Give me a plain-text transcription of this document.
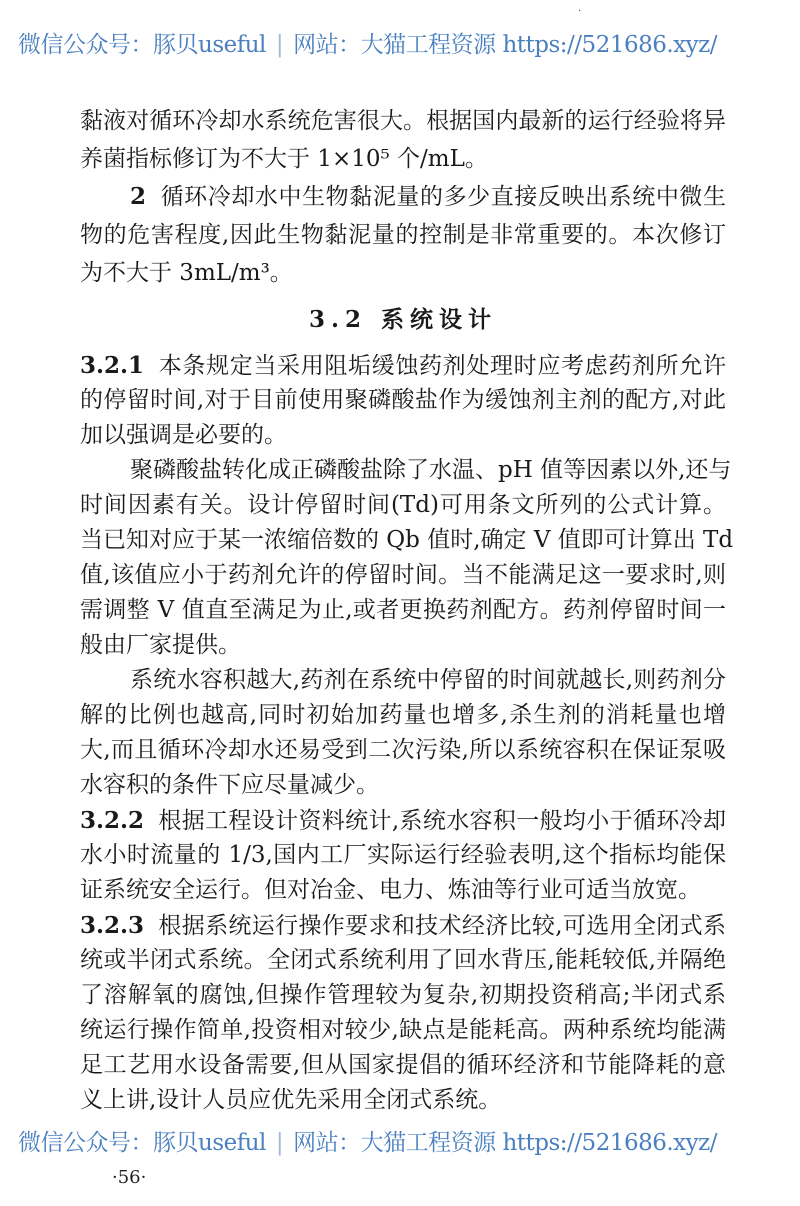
·
微信公众号：豚贝useful | 网站：大猫工程资源 https://521686.xyz/
黏液对循环冷却水系统危害很大。根据国内最新的运行经验将异
养菌指标修订为不大于 1×10⁵ 个/mL。
2 循环冷却水中生物黏泥量的多少直接反映出系统中微生
物的危害程度,因此生物黏泥量的控制是非常重要的。本次修订
为不大于 3mL/m³。
3.2 系统设计
3.2.1 本条规定当采用阻垢缓蚀药剂处理时应考虑药剂所允许
的停留时间,对于目前使用聚磷酸盐作为缓蚀剂主剂的配方,对此
加以强调是必要的。
聚磷酸盐转化成正磷酸盐除了水温、pH 值等因素以外,还与
时间因素有关。设计停留时间(Td)可用条文所列的公式计算。
当已知对应于某一浓缩倍数的 Qb 值时,确定 V 值即可计算出 Td
值,该值应小于药剂允许的停留时间。当不能满足这一要求时,则
需调整 V 值直至满足为止,或者更换药剂配方。药剂停留时间一
般由厂家提供。
系统水容积越大,药剂在系统中停留的时间就越长,则药剂分
解的比例也越高,同时初始加药量也增多,杀生剂的消耗量也增
大,而且循环冷却水还易受到二次污染,所以系统容积在保证泵吸
水容积的条件下应尽量减少。
3.2.2 根据工程设计资料统计,系统水容积一般均小于循环冷却
水小时流量的 1/3,国内工厂实际运行经验表明,这个指标均能保
证系统安全运行。但对冶金、电力、炼油等行业可适当放宽。
3.2.3 根据系统运行操作要求和技术经济比较,可选用全闭式系
统或半闭式系统。全闭式系统利用了回水背压,能耗较低,并隔绝
了溶解氧的腐蚀,但操作管理较为复杂,初期投资稍高;半闭式系
统运行操作简单,投资相对较少,缺点是能耗高。两种系统均能满
足工艺用水设备需要,但从国家提倡的循环经济和节能降耗的意
义上讲,设计人员应优先采用全闭式系统。
微信公众号：豚贝useful | 网站：大猫工程资源 https://521686.xyz/
·56·
